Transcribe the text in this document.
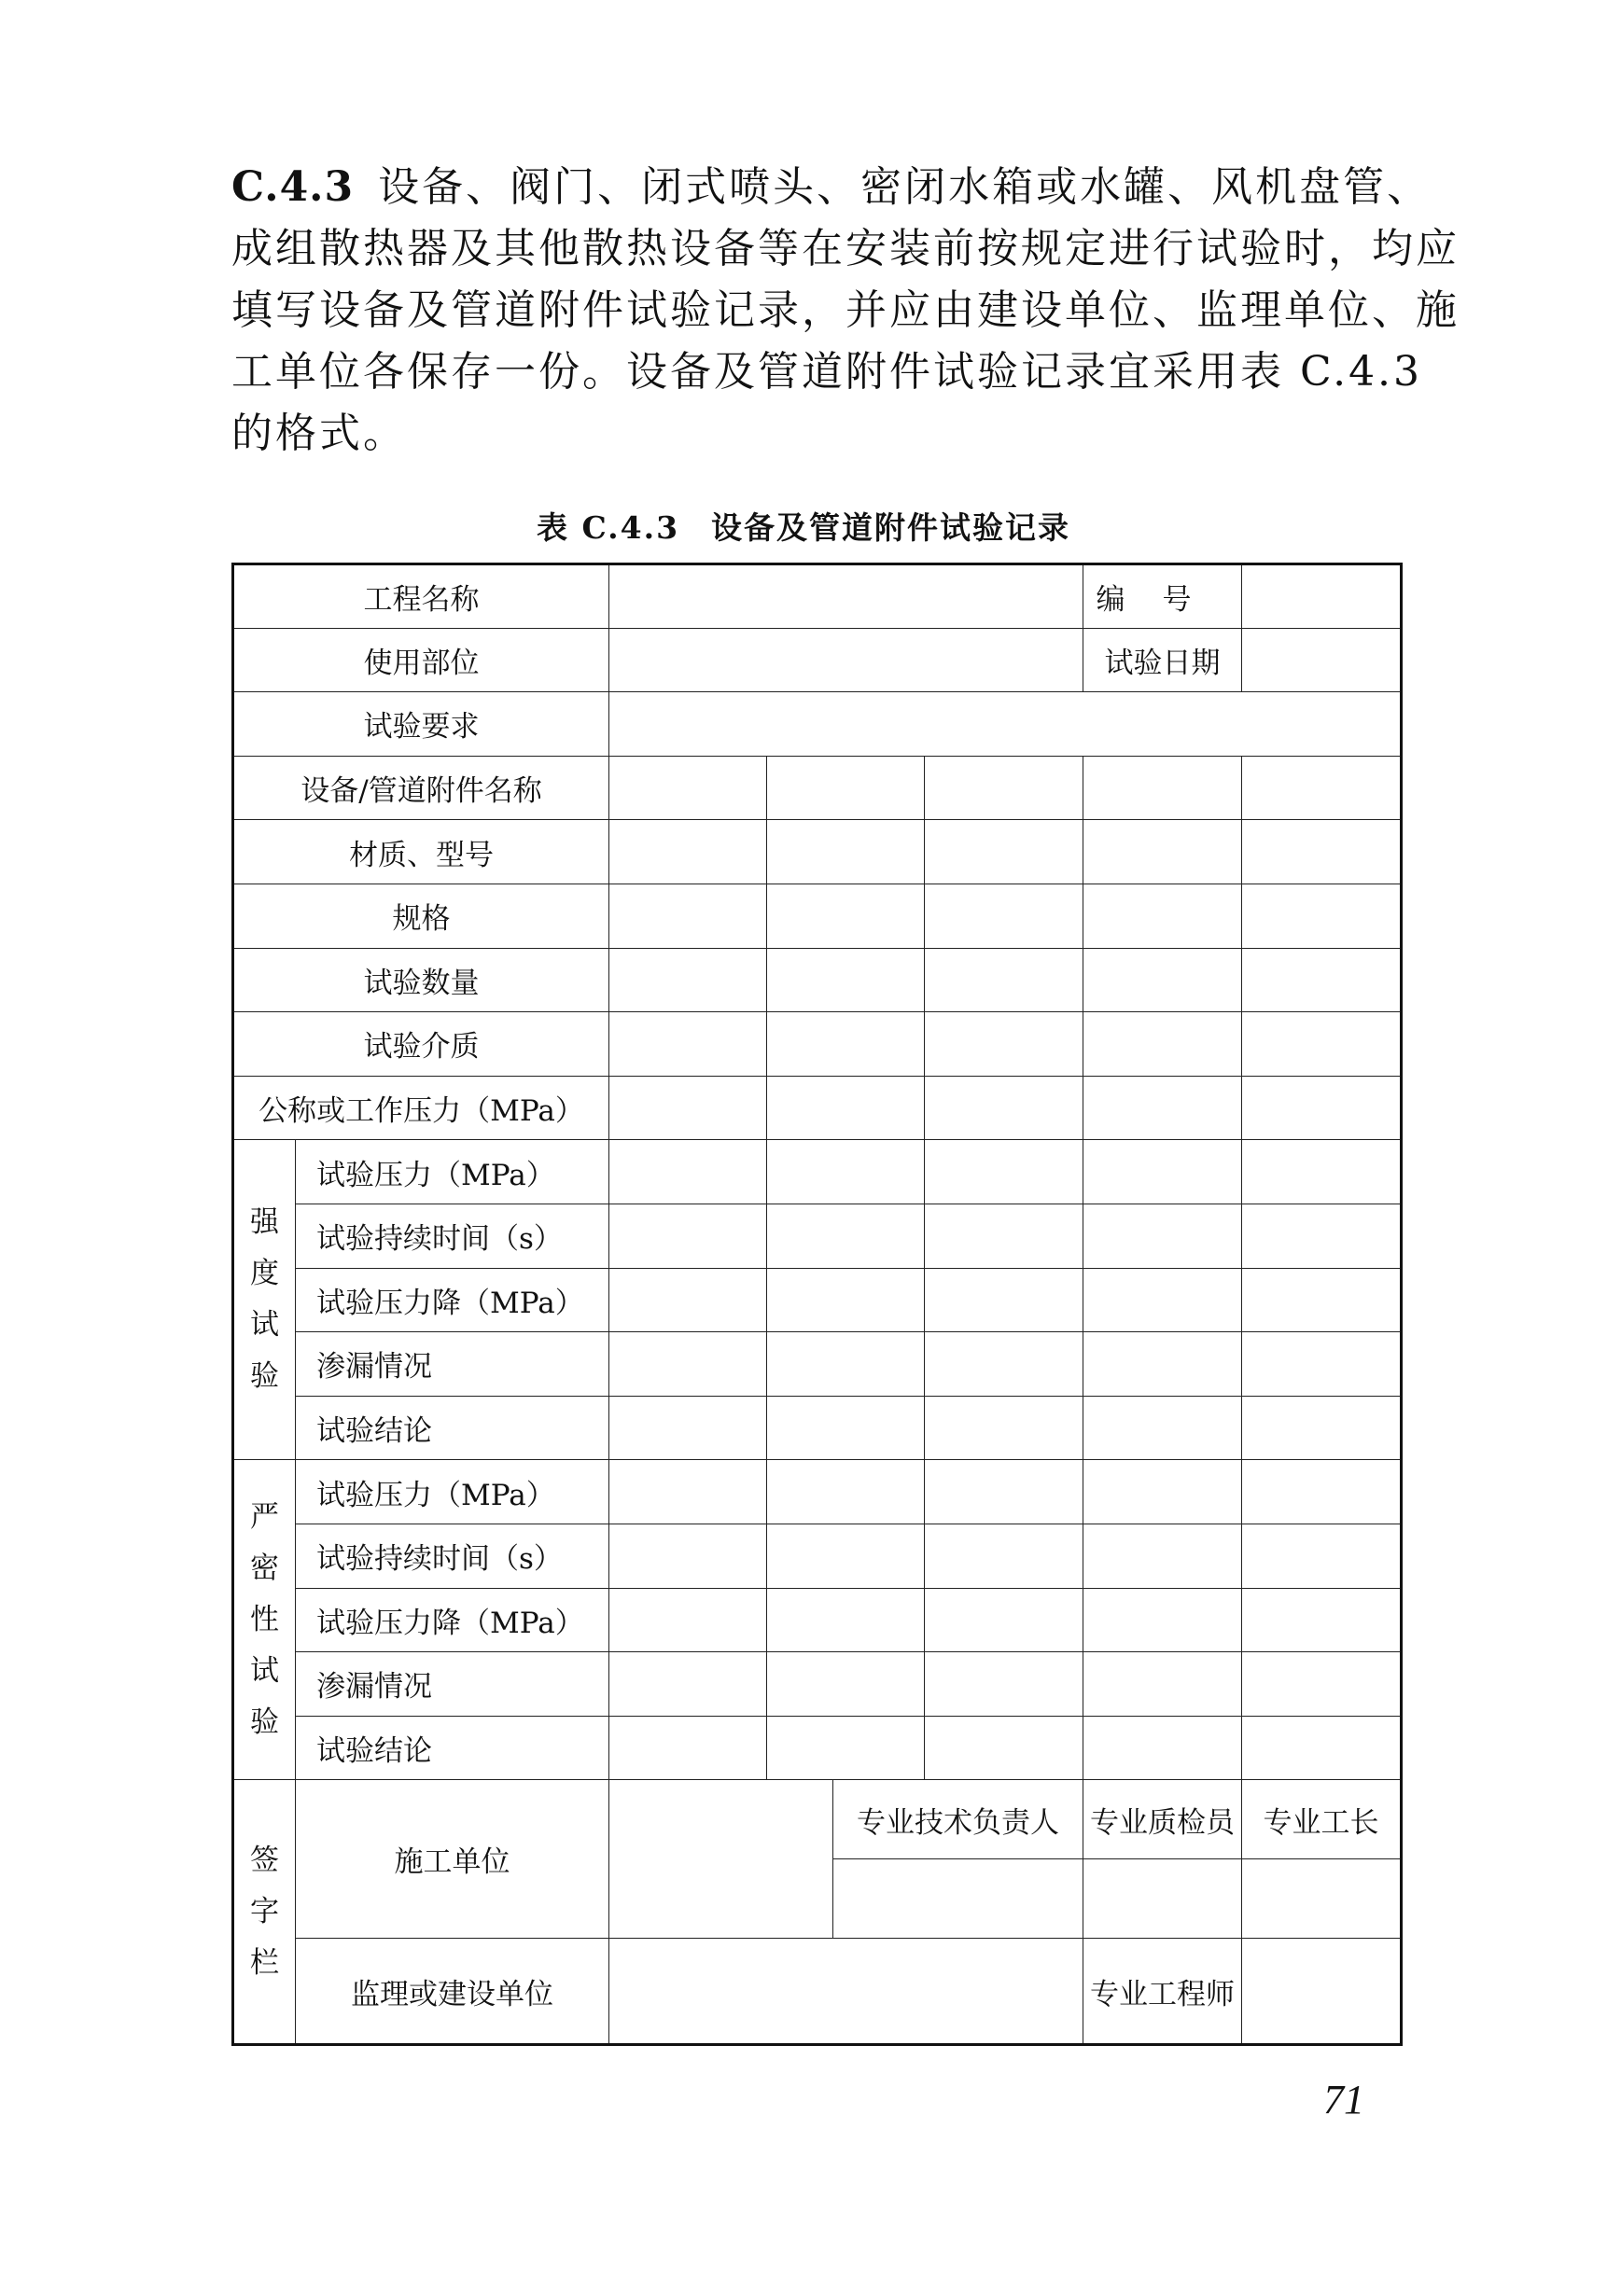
C.4.3 设备、阀门、闭式喷头、密闭水箱或水罐、风机盘管、
成组散热器及其他散热设备等在安装前按规定进行试验时，均应
填写设备及管道附件试验记录，并应由建设单位、监理单位、施
工单位各保存一份。设备及管道附件试验记录宜采用表 C.4.3
的格式。
表 C.4.3 设备及管道附件试验记录
工程名称						编号	
使用部位						试验日期	
试验要求							
设备/管道附件名称							
材质、型号							
规格							
试验数量							
试验介质							
公称或工作压力（MPa）							
强度试验	试验压力（MPa）						
	试验持续时间（s）						
	试验压力降（MPa）						
	渗漏情况						
	试验结论						
严密性试验	试验压力（MPa）						
	试验持续时间（s）						
	试验压力降（MPa）						
	渗漏情况						
	试验结论						
签字栏	施工单位			专业技术负责人		专业质检员	专业工长

	监理或建设单位					专业工程师	
71
